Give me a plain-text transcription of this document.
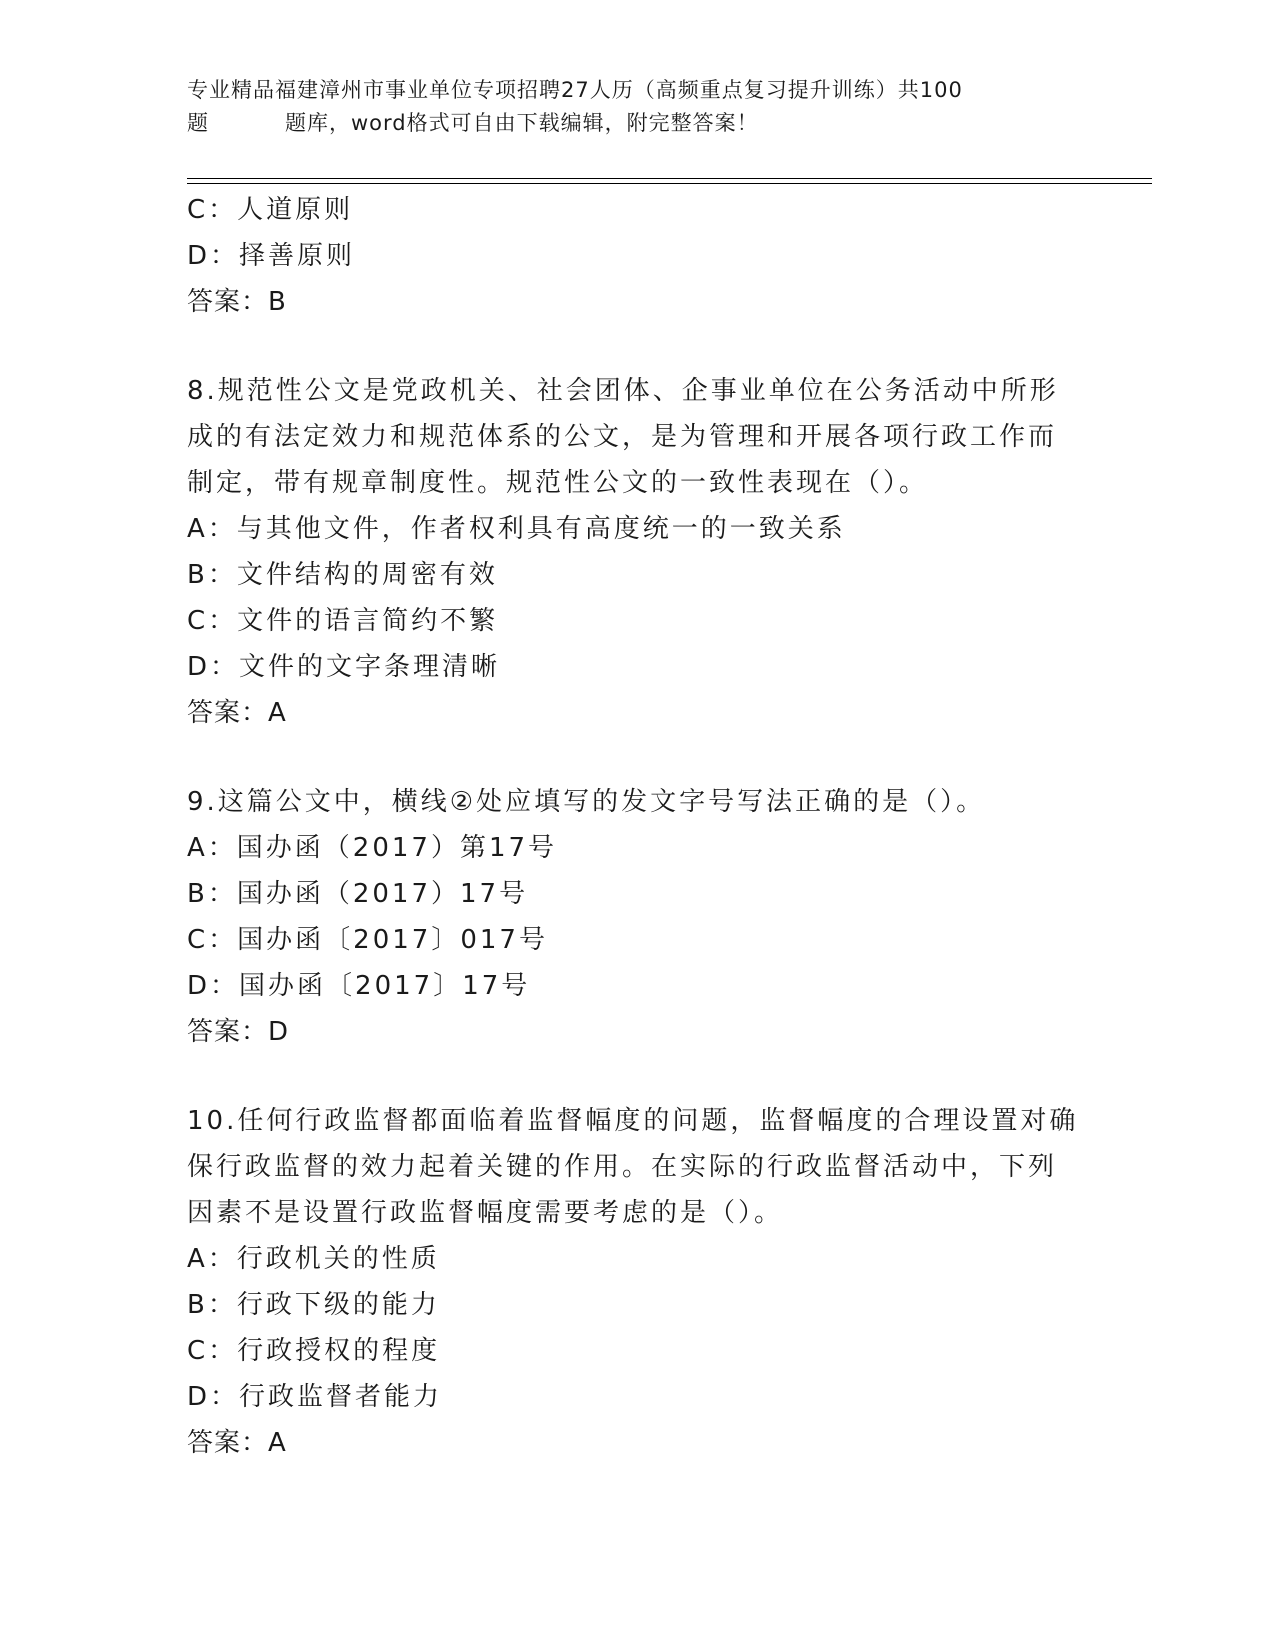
专业精品福建漳州市事业单位专项招聘27人历（高频重点复习提升训练）共100
题	题库，word格式可自由下载编辑，附完整答案！
C：人道原则
D：择善原则
答案：B
8.规范性公文是党政机关、社会团体、企事业单位在公务活动中所形
成的有法定效力和规范体系的公文，是为管理和开展各项行政工作而
制定，带有规章制度性。规范性公文的一致性表现在（）。
A：与其他文件，作者权利具有高度统一的一致关系
B：文件结构的周密有效
C：文件的语言简约不繁
D：文件的文字条理清晰
答案：A
9.这篇公文中，横线②处应填写的发文字号写法正确的是（）。
A：国办函（2017）第17号
B：国办函（2017）17号
C：国办函〔2017〕017号
D：国办函〔2017〕17号
答案：D
10.任何行政监督都面临着监督幅度的问题，监督幅度的合理设置对确
保行政监督的效力起着关键的作用。在实际的行政监督活动中，下列
因素不是设置行政监督幅度需要考虑的是（）。
A：行政机关的性质
B：行政下级的能力
C：行政授权的程度
D：行政监督者能力
答案：A
